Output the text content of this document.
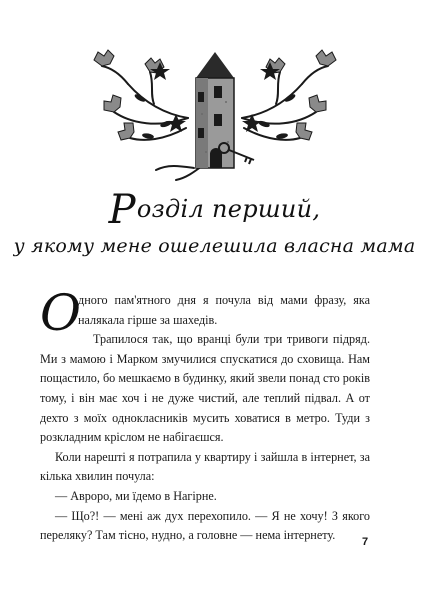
Розділ перший,
у якому мене ошелешила власна мама

О
дного пам'ятного дня я почула від мами фразу, яка налякала гірше за шахедів.

Трапилося так, що вранці були три тривоги підряд. Ми з мамою і Марком змучилися спускатися до сховища. Нам пощастило, бо мешкаємо в будинку, який звели понад сто років тому, і він має хоч і не дуже чистий, але теплий підвал. А от дехто з моїх однокласників мусить ховатися в метро. Туди з розкладним кріслом не набігаєшся.

Коли нарешті я потрапила у квартиру і зайшла в інтернет, за кілька хвилин почула:

— Авроро, ми їдемо в Нагірне.

— Що?! — мені аж дух перехопило. — Я не хочу! З якого переляку? Там тісно, нудно, а головне — нема інтернету.	7
